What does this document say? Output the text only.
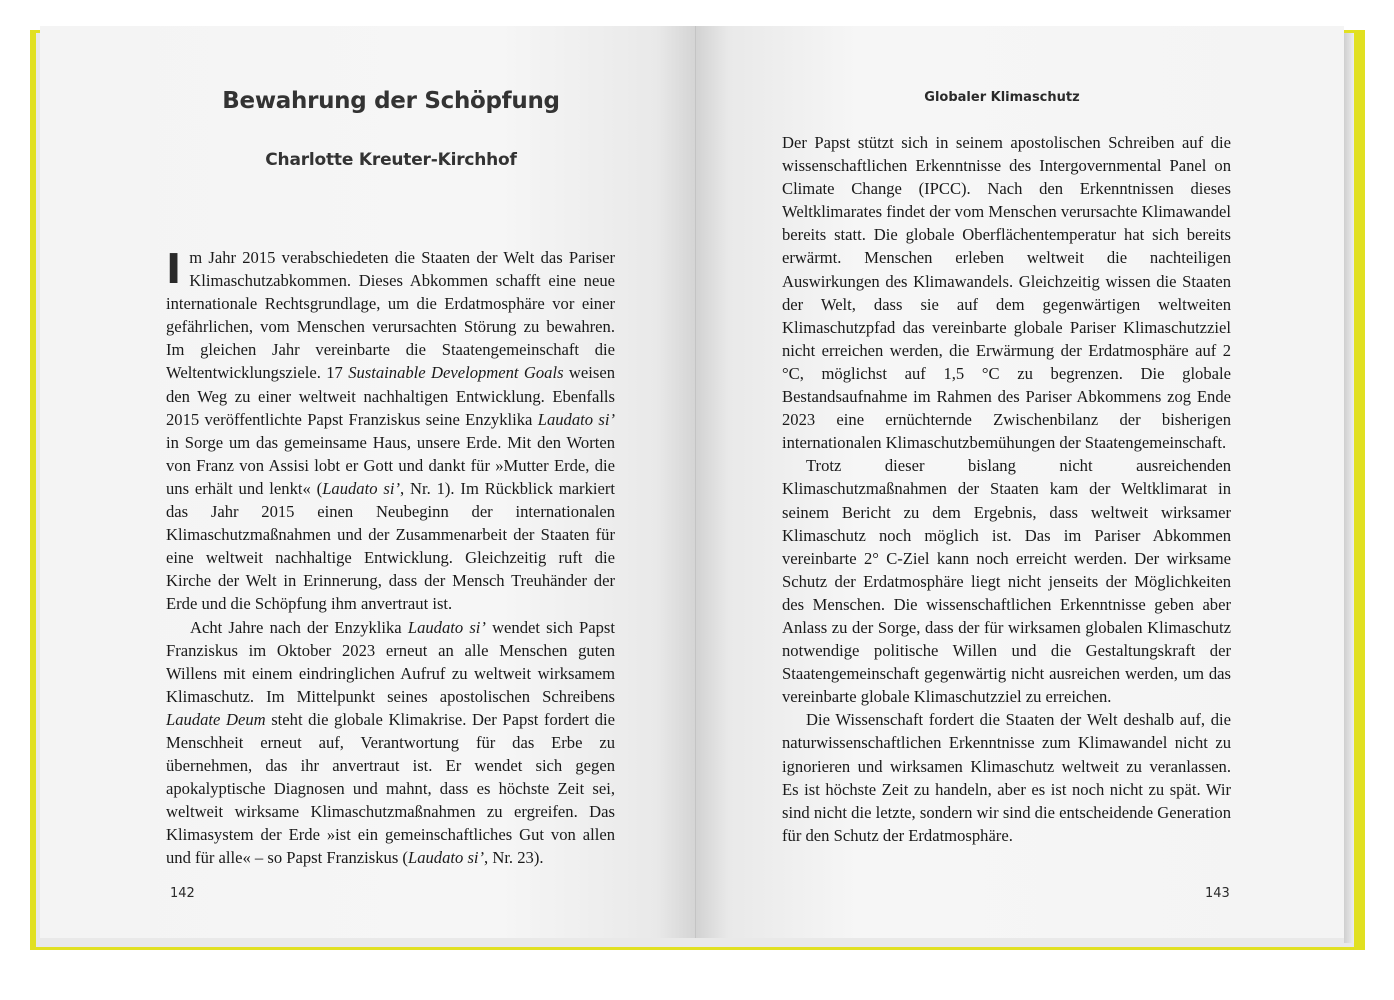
Bewahrung der Schöpfung
Charlotte Kreuter-Kirchhof

Im Jahr 2015 verabschiedeten die Staaten der Welt das Pariser Klimaschutzabkommen. Dieses Abkommen schafft eine neue internationale Rechtsgrundlage, um die Erdatmosphäre vor einer gefährlichen, vom Menschen verursachten Störung zu bewahren. Im gleichen Jahr vereinbarte die Staatengemeinschaft die Weltentwicklungsziele. 17 Sustainable Development Goals weisen den Weg zu einer weltweit nachhaltigen Entwicklung. Ebenfalls 2015 veröffentlichte Papst Franziskus seine Enzyklika Laudato si’ in Sorge um das gemeinsame Haus, unsere Erde. Mit den Worten von Franz von Assisi lobt er Gott und dankt für »Mutter Erde, die uns erhält und lenkt« (Laudato si’, Nr. 1). Im Rückblick markiert das Jahr 2015 einen Neubeginn der internationalen Klimaschutzmaßnahmen und der Zusammenarbeit der Staaten für eine weltweit nachhaltige Entwicklung. Gleichzeitig ruft die Kirche der Welt in Erinnerung, dass der Mensch Treuhänder der Erde und die Schöpfung ihm anvertraut ist.

Acht Jahre nach der Enzyklika Laudato si’ wendet sich Papst Franziskus im Oktober 2023 erneut an alle Menschen guten Willens mit einem eindringlichen Aufruf zu weltweit wirksamem Klimaschutz. Im Mittelpunkt seines apostolischen Schreibens Laudate Deum steht die globale Klimakrise. Der Papst fordert die Menschheit erneut auf, Verantwortung für das Erbe zu übernehmen, das ihr anvertraut ist. Er wendet sich gegen apokalyptische Diagnosen und mahnt, dass es höchste Zeit sei, weltweit wirksame Klimaschutzmaßnahmen zu ergreifen. Das Klimasystem der Erde »ist ein gemeinschaftliches Gut von allen und für alle« – so Papst Franziskus (Laudato si’, Nr. 23).

142
Globaler Klimaschutz

Der Papst stützt sich in seinem apostolischen Schreiben auf die wissenschaftlichen Erkenntnisse des Intergovernmental Panel on Climate Change (IPCC). Nach den Erkenntnissen dieses Weltklimarates findet der vom Menschen verursachte Klimawandel bereits statt. Die globale Oberflächentemperatur hat sich bereits erwärmt. Menschen erleben weltweit die nachteiligen Auswirkungen des Klimawandels. Gleichzeitig wissen die Staaten der Welt, dass sie auf dem gegenwärtigen weltweiten Klimaschutzpfad das vereinbarte globale Pariser Klimaschutzziel nicht erreichen werden, die Erwärmung der Erdatmosphäre auf 2 °C, möglichst auf 1,5 °C zu begrenzen. Die globale Bestandsaufnahme im Rahmen des Pariser Abkommens zog Ende 2023 eine ernüchternde Zwischenbilanz der bisherigen internationalen Klimaschutzbemühungen der Staatengemeinschaft.

Trotz dieser bislang nicht ausreichenden Klimaschutzmaßnahmen der Staaten kam der Weltklimarat in seinem Bericht zu dem Ergebnis, dass weltweit wirksamer Klimaschutz noch möglich ist. Das im Pariser Abkommen vereinbarte 2° C-Ziel kann noch erreicht werden. Der wirksame Schutz der Erdatmosphäre liegt nicht jenseits der Möglichkeiten des Menschen. Die wissenschaftlichen Erkenntnisse geben aber Anlass zu der Sorge, dass der für wirksamen globalen Klimaschutz notwendige politische Willen und die Gestaltungskraft der Staatengemeinschaft gegenwärtig nicht ausreichen werden, um das vereinbarte globale Klimaschutzziel zu erreichen.

Die Wissenschaft fordert die Staaten der Welt deshalb auf, die naturwissenschaftlichen Erkenntnisse zum Klimawandel nicht zu ignorieren und wirksamen Klimaschutz weltweit zu veranlassen. Es ist höchste Zeit zu handeln, aber es ist noch nicht zu spät. Wir sind nicht die letzte, sondern wir sind die entscheidende Generation für den Schutz der Erdatmosphäre.

143
